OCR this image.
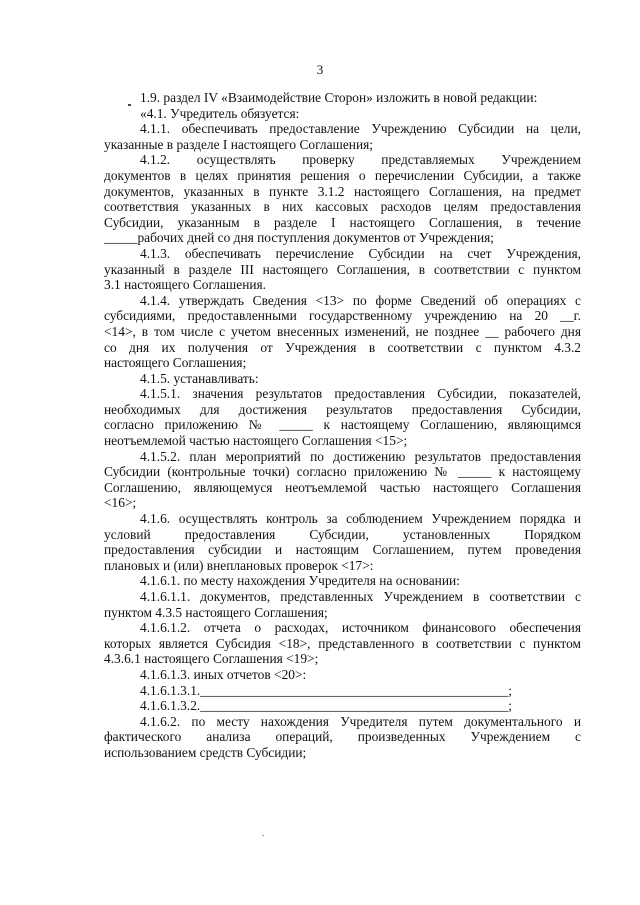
3
1.9. раздел IV «Взаимодействие Сторон» изложить в новой редакции:
«4.1. Учредитель обязуется:
4.1.1. обеспечивать предоставление Учреждению Субсидии на цели,
указанные в разделе I настоящего Соглашения;
4.1.2. осуществлять проверку представляемых Учреждением
документов в целях принятия решения о перечислении Субсидии, а также
документов, указанных в пункте 3.1.2 настоящего Соглашения, на предмет
соответствия указанных в них кассовых расходов целям предоставления
Субсидии, указанным в разделе I настоящего Соглашения, в течение
_____рабочих дней со дня поступления документов от Учреждения;
4.1.3. обеспечивать перечисление Субсидии на счет Учреждения,
указанный в разделе III настоящего Соглашения, в соответствии с пунктом
3.1 настоящего Соглашения.
4.1.4. утверждать Сведения <13> по форме Сведений об операциях с
субсидиями, предоставленными государственному учреждению на 20 __г.
<14>, в том числе с учетом внесенных изменений, не позднее __ рабочего дня
со дня их получения от Учреждения в соответствии с пунктом 4.3.2
настоящего Соглашения;
4.1.5. устанавливать:
4.1.5.1. значения результатов предоставления Субсидии, показателей,
необходимых для достижения результатов предоставления Субсидии,
согласно приложению № _____ к настоящему Соглашению, являющимся
неотъемлемой частью настоящего Соглашения <15>;
4.1.5.2. план мероприятий по достижению результатов предоставления
Субсидии (контрольные точки) согласно приложению № _____ к настоящему
Соглашению, являющемуся неотъемлемой частью настоящего Соглашения
<16>;
4.1.6. осуществлять контроль за соблюдением Учреждением порядка и
условий предоставления Субсидии, установленных Порядком
предоставления субсидии и настоящим Соглашением, путем проведения
плановых и (или) внеплановых проверок <17>:
4.1.6.1. по месту нахождения Учредителя на основании:
4.1.6.1.1. документов, представленных Учреждением в соответствии с
пунктом 4.3.5 настоящего Соглашения;
4.1.6.1.2. отчета о расходах, источником финансового обеспечения
которых является Субсидия <18>, представленного в соответствии с пунктом
4.3.6.1 настоящего Соглашения <19>;
4.1.6.1.3. иных отчетов <20>:
4.1.6.1.3.1.______________________________________________;
4.1.6.1.3.2.______________________________________________;
4.1.6.2. по месту нахождения Учредителя путем документального и
фактического анализа операций, произведенных Учреждением с
использованием средств Субсидии;
